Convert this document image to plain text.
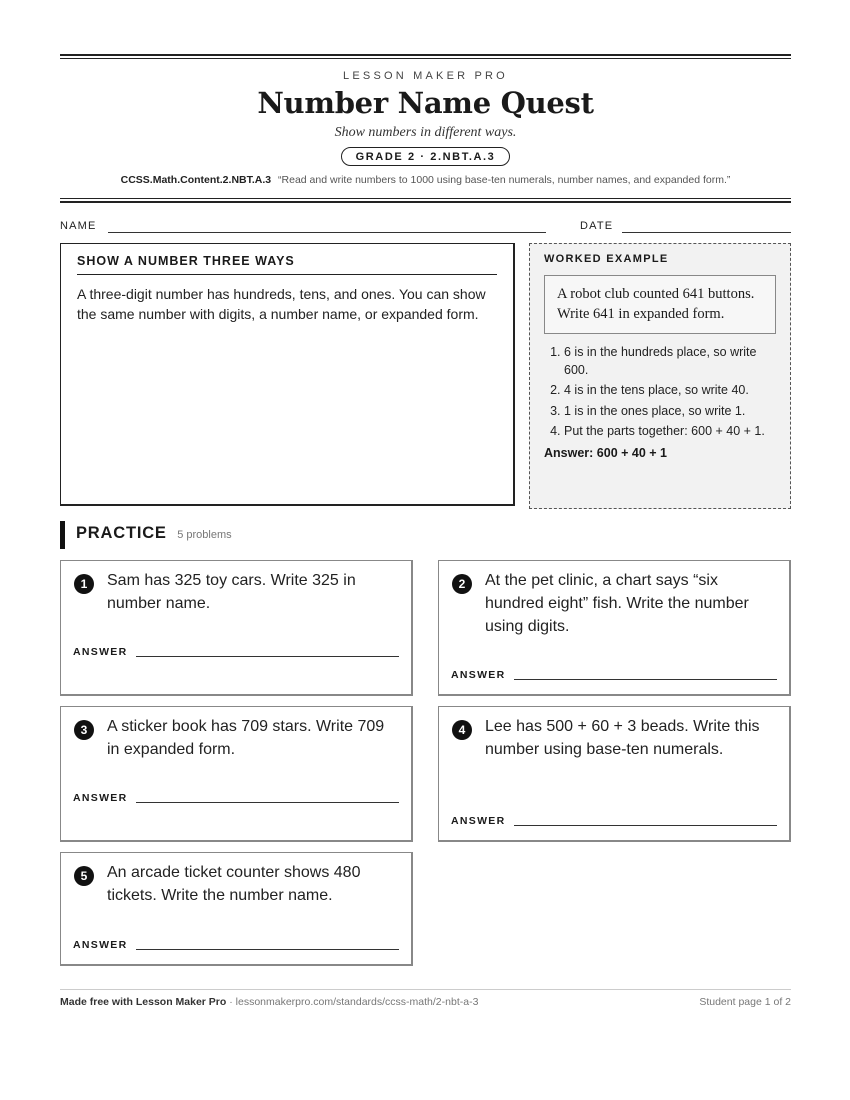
LESSON MAKER PRO
Number Name Quest
Show numbers in different ways.
GRADE 2 · 2.NBT.A.3
CCSS.Math.Content.2.NBT.A.3 “Read and write numbers to 1000 using base-ten numerals, number names, and expanded form.”
NAME	DATE
SHOW A NUMBER THREE WAYS
A three-digit number has hundreds, tens, and ones. You can show the same number with digits, a number name, or expanded form.
WORKED EXAMPLE
A robot club counted 641 buttons. Write 641 in expanded form.
1. 6 is in the hundreds place, so write 600.
2. 4 is in the tens place, so write 40.
3. 1 is in the ones place, so write 1.
4. Put the parts together: 600 + 40 + 1.
Answer: 600 + 40 + 1
PRACTICE 5 problems
1	Sam has 325 toy cars. Write 325 in number name.
ANSWER
2	At the pet clinic, a chart says “six hundred eight” fish. Write the number using digits.
ANSWER
3	A sticker book has 709 stars. Write 709 in expanded form.
ANSWER
4	Lee has 500 + 60 + 3 beads. Write this number using base-ten numerals.
ANSWER
5	An arcade ticket counter shows 480 tickets. Write the number name.
ANSWER
Made free with Lesson Maker Pro · lessonmakerpro.com/standards/ccss-math/2-nbt-a-3	Student page 1 of 2
